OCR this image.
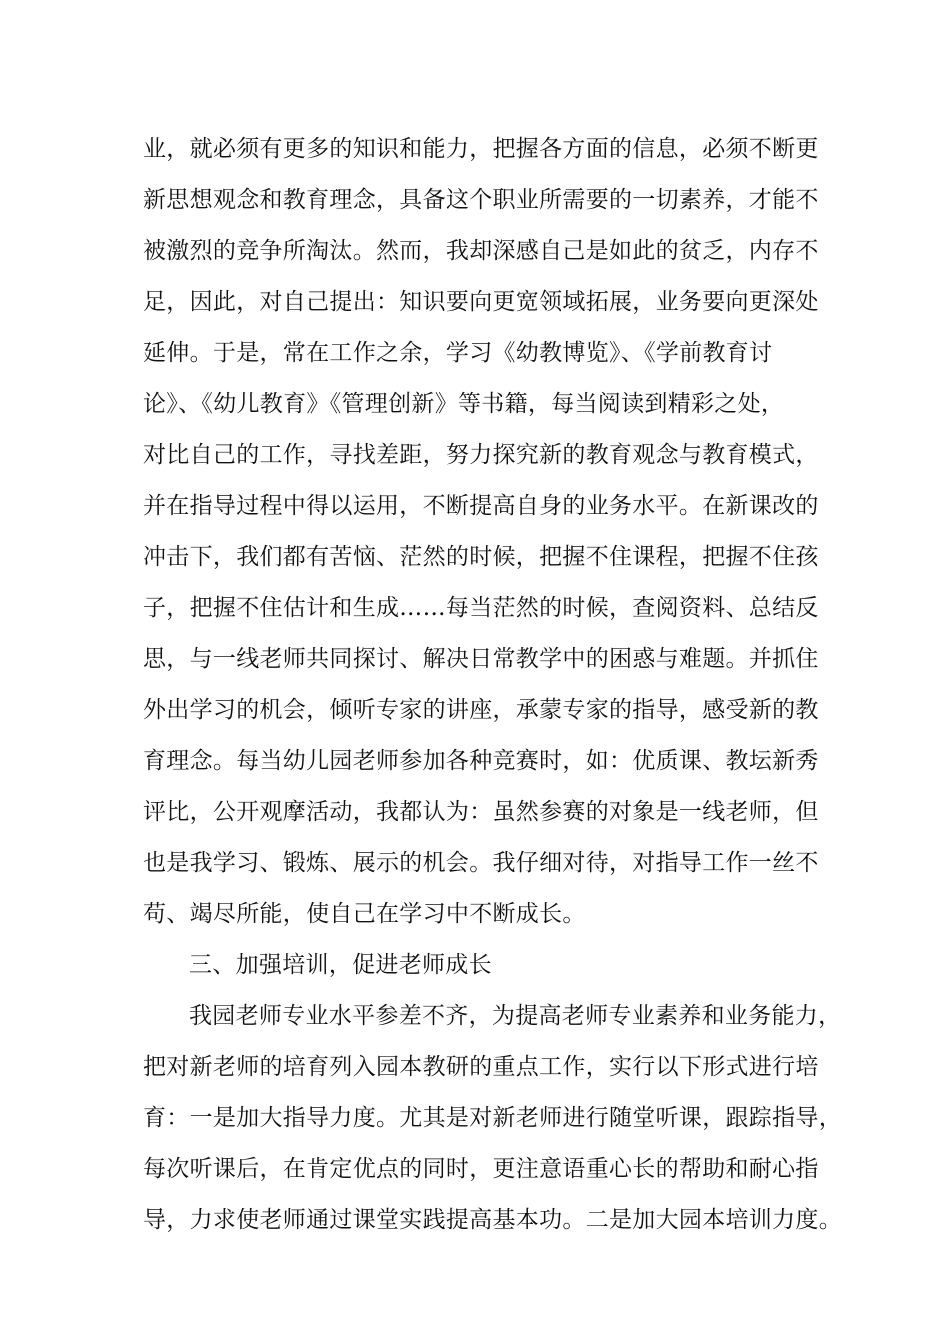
业，就必须有更多的知识和能力，把握各方面的信息，必须不断更
新思想观念和教育理念，具备这个职业所需要的一切素养，才能不
被激烈的竞争所淘汰。然而，我却深感自己是如此的贫乏，内存不
足，因此，对自己提出：知识要向更宽领域拓展，业务要向更深处
延伸。于是，常在工作之余，学习《幼教博览》、《学前教育讨
论》、《幼儿教育》《管理创新》等书籍，每当阅读到精彩之处，
对比自己的工作，寻找差距，努力探究新的教育观念与教育模式，
并在指导过程中得以运用，不断提高自身的业务水平。在新课改的
冲击下，我们都有苦恼、茫然的时候，把握不住课程，把握不住孩
子，把握不住估计和生成……每当茫然的时候，查阅资料、总结反
思，与一线老师共同探讨、解决日常教学中的困惑与难题。并抓住
外出学习的机会，倾听专家的讲座，承蒙专家的指导，感受新的教
育理念。每当幼儿园老师参加各种竞赛时，如：优质课、教坛新秀
评比，公开观摩活动，我都认为：虽然参赛的对象是一线老师，但
也是我学习、锻炼、展示的机会。我仔细对待，对指导工作一丝不
苟、竭尽所能，使自己在学习中不断成长。
三、加强培训，促进老师成长
我园老师专业水平参差不齐，为提高老师专业素养和业务能力，
把对新老师的培育列入园本教研的重点工作，实行以下形式进行培
育：一是加大指导力度。尤其是对新老师进行随堂听课，跟踪指导，
每次听课后，在肯定优点的同时，更注意语重心长的帮助和耐心指
导，力求使老师通过课堂实践提高基本功。二是加大园本培训力度。
